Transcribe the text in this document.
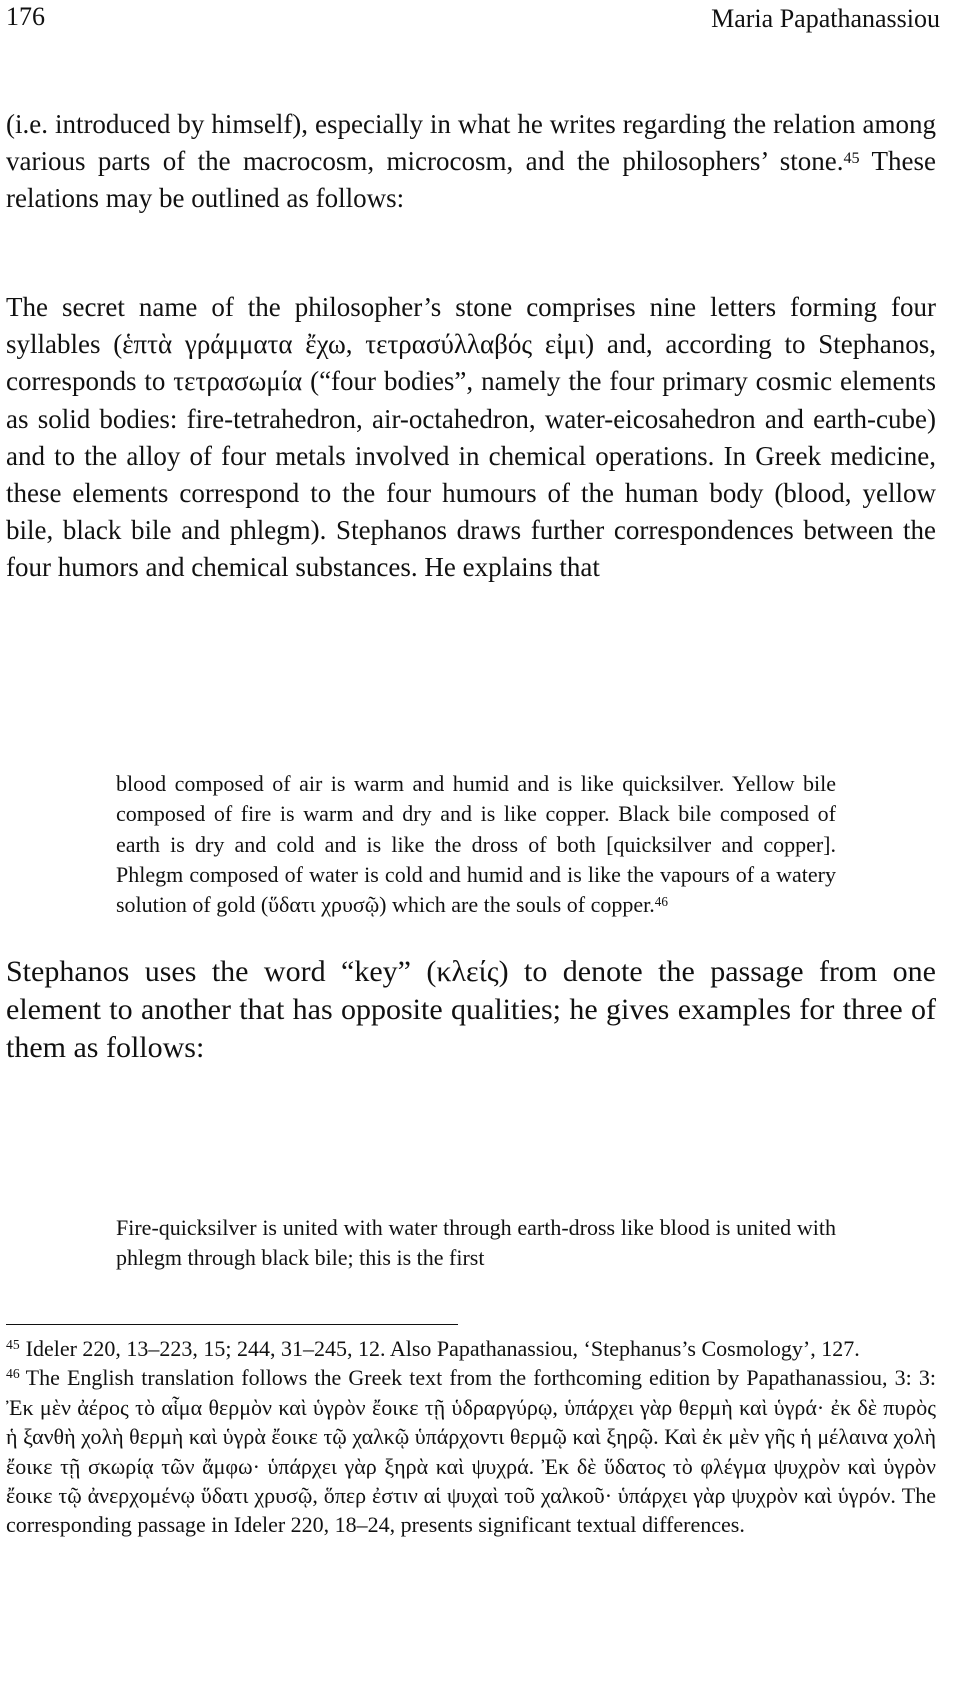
176	Maria Papathanassiou

(i.e. introduced by himself), especially in what he writes regarding the relation among various parts of the macrocosm, microcosm, and the philosophers’ stone.$^{45}$ These relations may be outlined as follows:

The secret name of the philosopher’s stone comprises nine letters forming four syllables (ἑπτὰ γράμματα ἔχω, τετρασύλλαβός εἰμι) and, according to Stephanos, corresponds to τετρασωμία (“four bodies”, namely the four primary cosmic elements as solid bodies: fire-tetrahedron, air-octahedron, water-eicosahedron and earth-cube) and to the alloy of four metals involved in chemical operations. In Greek medicine, these elements correspond to the four humours of the human body (blood, yellow bile, black bile and phlegm). Stephanos draws further correspondences between the four humors and chemical substances. He explains that

blood composed of air is warm and humid and is like quicksilver. Yellow bile composed of fire is warm and dry and is like copper. Black bile composed of earth is dry and cold and is like the dross of both [quicksilver and copper]. Phlegm composed of water is cold and humid and is like the vapours of a watery solution of gold (ὕδατι χρυσῷ) which are the souls of copper.$^{46}$

Stephanos uses the word “key” (κλείς) to denote the passage from one element to another that has opposite qualities; he gives examples for three of them as follows:

Fire-quicksilver is united with water through earth-dross like blood is united with phlegm through black bile; this is the first

$^{45}$ Ideler 220, 13–223, 15; 244, 31–245, 12. Also Papathanassiou, ‘Stephanus’s Cosmology’, 127.

$^{46}$ The English translation follows the Greek text from the forthcoming edition by Papathanassiou, 3: 3: Ἐκ μὲν ἀέρος τὸ αἷμα θερμὸν καὶ ὑγρὸν ἔοικε τῇ ὑδραργύρῳ, ὑπάρχει γὰρ θερμὴ καὶ ὑγρά· ἐκ δὲ πυρὸς ἡ ξανθὴ χολὴ θερμὴ καὶ ὑγρὰ ἔοικε τῷ χαλκῷ ὑπάρχοντι θερμῷ καὶ ξηρῷ. Καὶ ἐκ μὲν γῆς ἡ μέλαινα χολὴ ἔοικε τῇ σκωρίᾳ τῶν ἄμφω· ὑπάρχει γὰρ ξηρὰ καὶ ψυχρά. Ἐκ δὲ ὕδατος τὸ φλέγμα ψυχρὸν καὶ ὑγρὸν ἔοικε τῷ ἀνερχομένῳ ὕδατι χρυσῷ, ὅπερ ἐστιν αἱ ψυχαὶ τοῦ χαλκοῦ· ὑπάρχει γὰρ ψυχρὸν καὶ ὑγρόν. The corresponding passage in Ideler 220, 18–24, presents significant textual differences.
